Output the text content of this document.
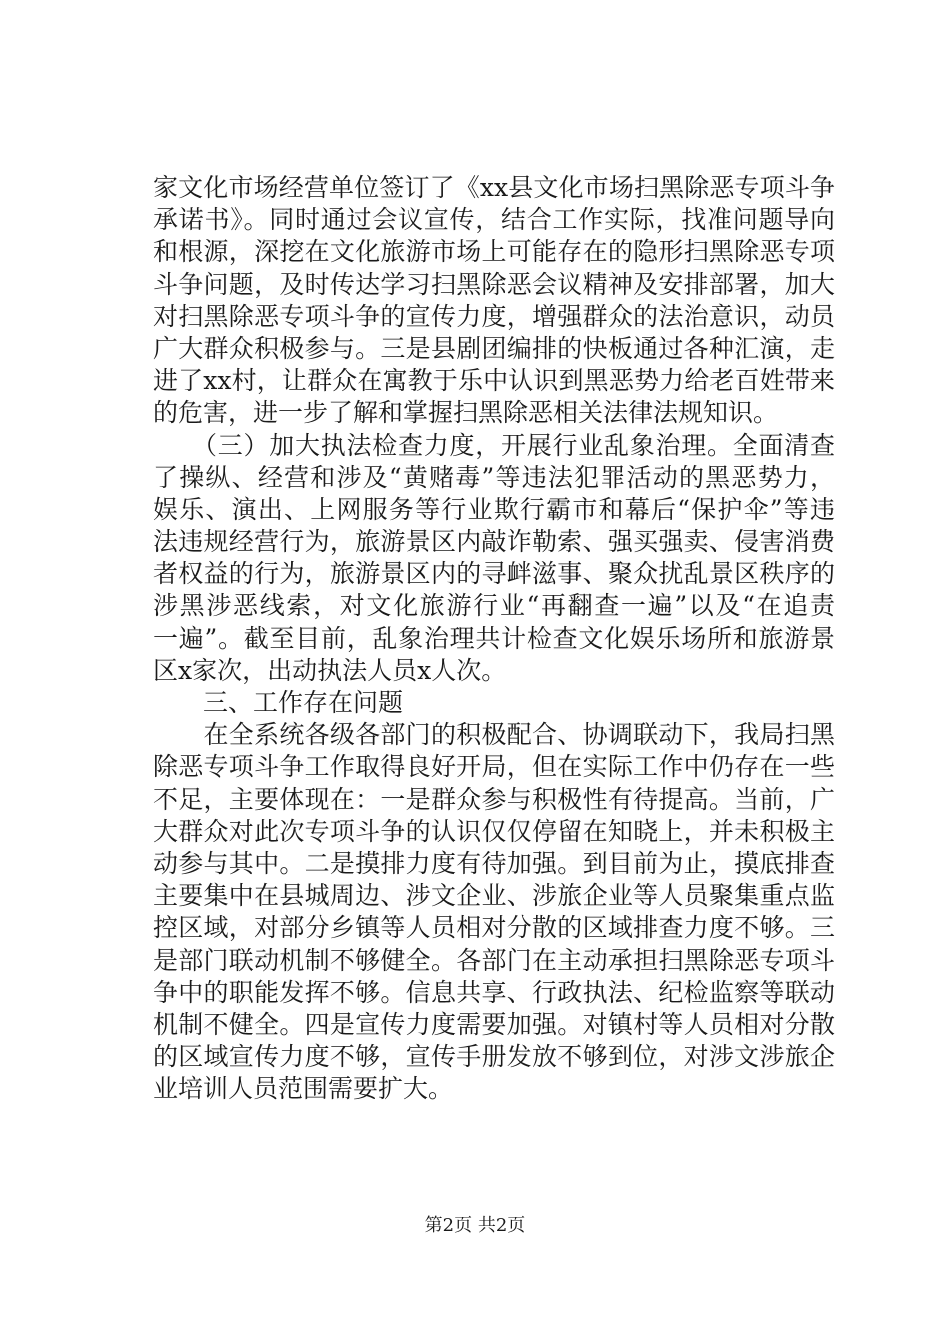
家文化市场经营单位签订了《xx县文化市场扫黑除恶专项斗争
承诺书》。同时通过会议宣传，结合工作实际，找准问题导向
和根源，深挖在文化旅游市场上可能存在的隐形扫黑除恶专项
斗争问题，及时传达学习扫黑除恶会议精神及安排部署，加大
对扫黑除恶专项斗争的宣传力度，增强群众的法治意识，动员
广大群众积极参与。三是县剧团编排的快板通过各种汇演，走
进了xx村，让群众在寓教于乐中认识到黑恶势力给老百姓带来
的危害，进一步了解和掌握扫黑除恶相关法律法规知识。
　　（三）加大执法检查力度，开展行业乱象治理。全面清查
了操纵、经营和涉及“黄赌毒”等违法犯罪活动的黑恶势力，
娱乐、演出、上网服务等行业欺行霸市和幕后“保护伞”等违
法违规经营行为，旅游景区内敲诈勒索、强买强卖、侵害消费
者权益的行为，旅游景区内的寻衅滋事、聚众扰乱景区秩序的
涉黑涉恶线索，对文化旅游行业“再翻查一遍”以及“在追责
一遍”。截至目前，乱象治理共计检查文化娱乐场所和旅游景
区x家次，出动执法人员x人次。
　　三、工作存在问题
　　在全系统各级各部门的积极配合、协调联动下，我局扫黑
除恶专项斗争工作取得良好开局，但在实际工作中仍存在一些
不足，主要体现在：一是群众参与积极性有待提高。当前，广
大群众对此次专项斗争的认识仅仅停留在知晓上，并未积极主
动参与其中。二是摸排力度有待加强。到目前为止，摸底排查
主要集中在县城周边、涉文企业、涉旅企业等人员聚集重点监
控区域，对部分乡镇等人员相对分散的区域排查力度不够。三
是部门联动机制不够健全。各部门在主动承担扫黑除恶专项斗
争中的职能发挥不够。信息共享、行政执法、纪检监察等联动
机制不健全。四是宣传力度需要加强。对镇村等人员相对分散
的区域宣传力度不够，宣传手册发放不够到位，对涉文涉旅企
业培训人员范围需要扩大。
第2页 共2页
